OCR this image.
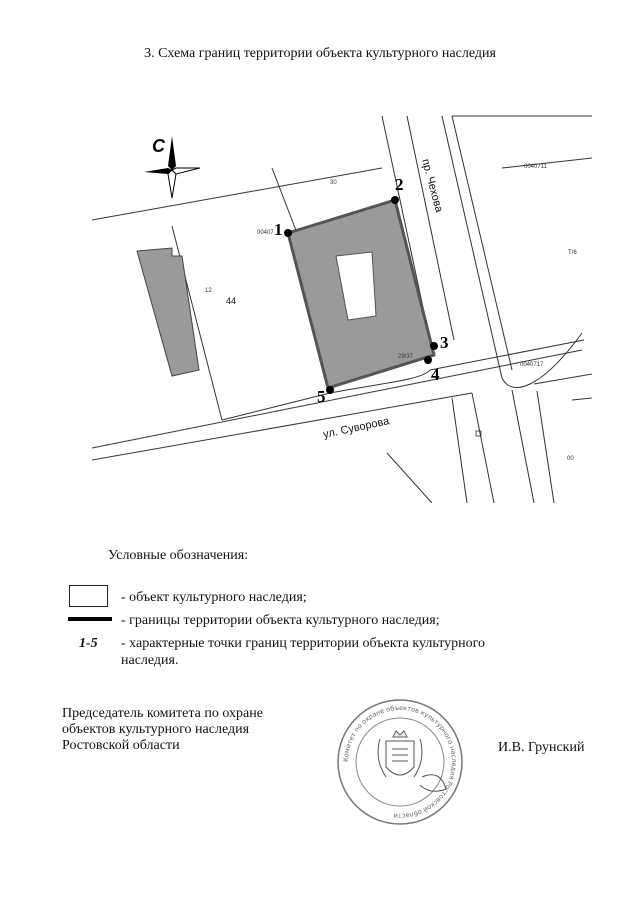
3. Схема границ территории объекта культурного наследия
1
2
3
4
5
пр. Чехова
ул. Суворова
0040711
00407
0040717
30
T/6
12
29/37
00
44
С
Условные обозначения:
- объект культурного наследия;
- границы территории объекта культурного наследия;
1-5 - характерные точки границ территории объекта культурного наследия.
Председатель комитета по охране
объектов культурного наследия
Ростовской области	И.В. Грунский
Комитет по охране объектов культурного наследия Ростовской области
